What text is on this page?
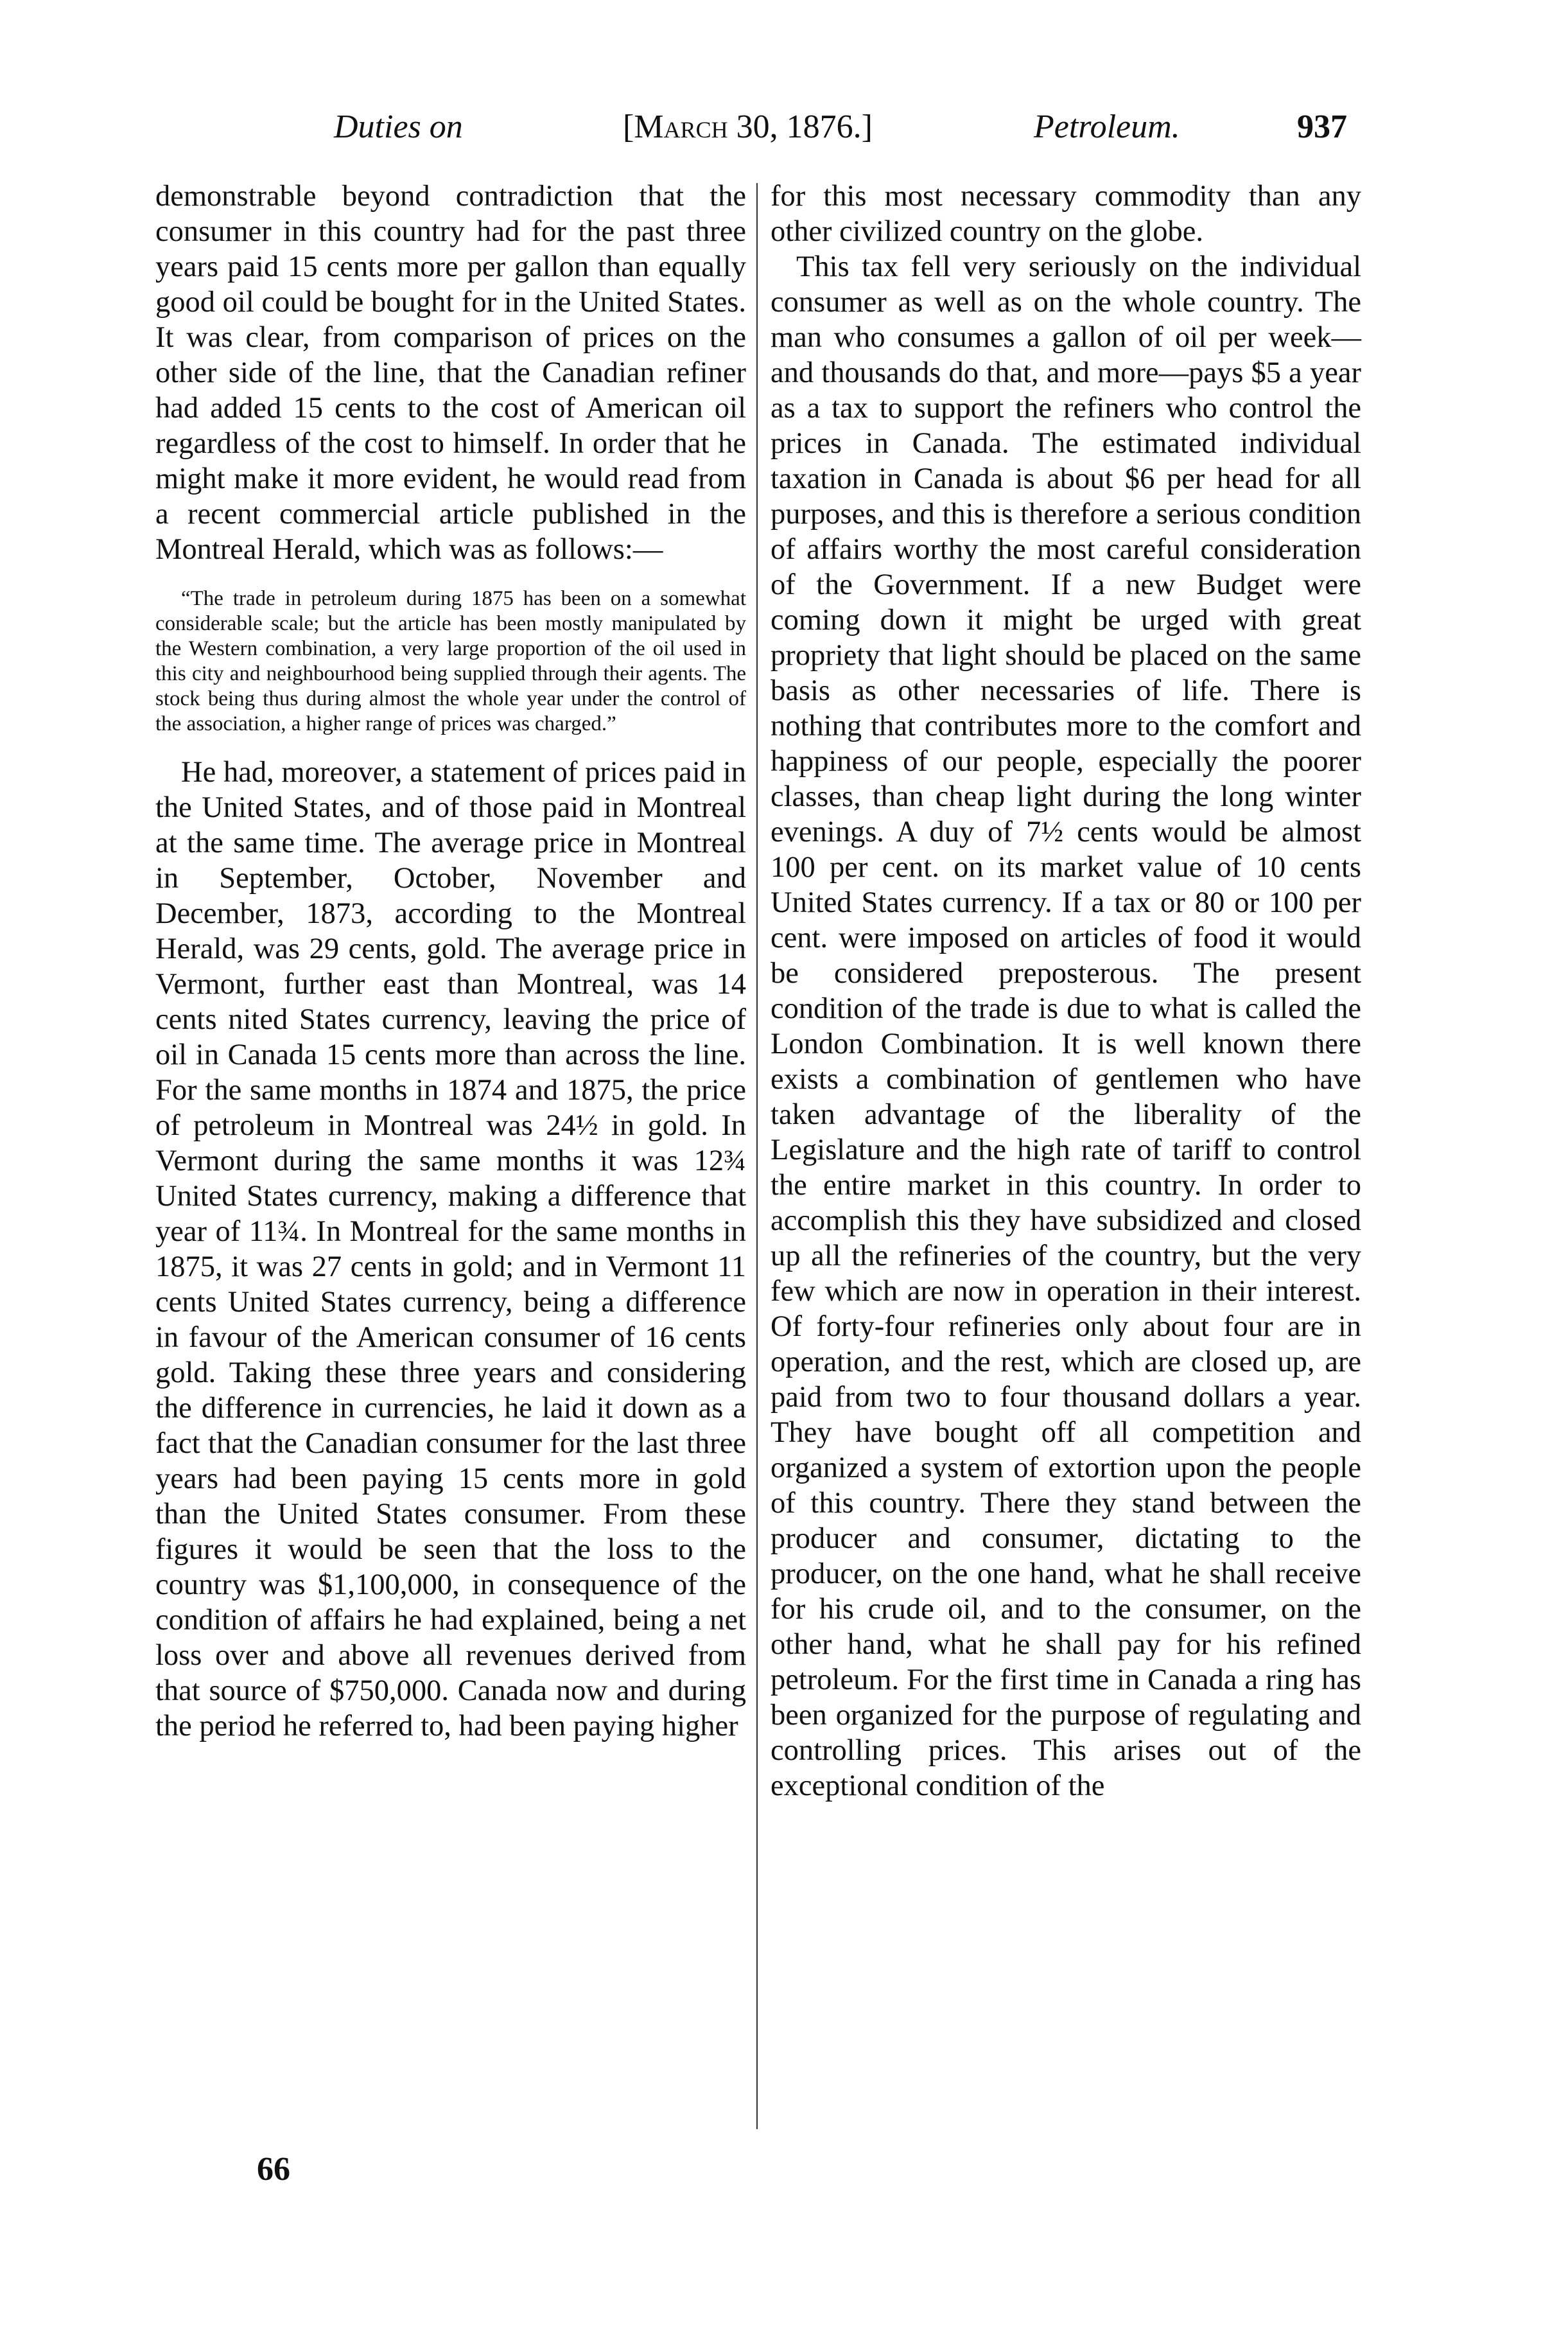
Duties on	[March 30, 1876.]	Petroleum.	937

demonstrable beyond contradiction that the consumer in this country had for the past three years paid 15 cents more per gallon than equally good oil could be bought for in the United States. It was clear, from comparison of prices on the other side of the line, that the Canadian refiner had added 15 cents to the cost of American oil regardless of the cost to himself. In order that he might make it more evident, he would read from a recent commercial article published in the Montreal Herald, which was as follows:—

“The trade in petroleum during 1875 has been on a somewhat considerable scale; but the article has been mostly manipulated by the Western combination, a very large proportion of the oil used in this city and neighbourhood being supplied through their agents. The stock being thus during almost the whole year under the control of the association, a higher range of prices was charged.”

He had, moreover, a statement of prices paid in the United States, and of those paid in Montreal at the same time. The average price in Montreal in September, October, November and December, 1873, according to the Montreal Herald, was 29 cents, gold. The average price in Vermont, further east than Montreal, was 14 cents nited States currency, leaving the price of oil in Canada 15 cents more than across the line. For the same months in 1874 and 1875, the price of petroleum in Montreal was 24½ in gold. In Vermont during the same months it was 12¾ United States currency, making a difference that year of 11¾. In Montreal for the same months in 1875, it was 27 cents in gold; and in Vermont 11 cents United States currency, being a difference in favour of the American consumer of 16 cents gold. Taking these three years and considering the difference in currencies, he laid it down as a fact that the Canadian consumer for the last three years had been paying 15 cents more in gold than the United States consumer. From these figures it would be seen that the loss to the country was $1,100,000, in consequence of the condition of affairs he had explained, being a net loss over and above all revenues derived from that source of $750,000. Canada now and during the period he referred to, had been paying higher

for this most necessary commodity than any other civilized country on the globe.

This tax fell very seriously on the individual consumer as well as on the whole country. The man who consumes a gallon of oil per week—and thousands do that, and more—pays $5 a year as a tax to support the refiners who control the prices in Canada. The estimated individual taxation in Canada is about $6 per head for all purposes, and this is therefore a serious condition of affairs worthy the most careful consideration of the Government. If a new Budget were coming down it might be urged with great propriety that light should be placed on the same basis as other necessaries of life. There is nothing that contributes more to the comfort and happiness of our people, especially the poorer classes, than cheap light during the long winter evenings. A duy of 7½ cents would be almost 100 per cent. on its market value of 10 cents United States currency. If a tax or 80 or 100 per cent. were imposed on articles of food it would be considered preposterous. The present condition of the trade is due to what is called the London Combination. It is well known there exists a combination of gentlemen who have taken advantage of the liberality of the Legislature and the high rate of tariff to control the entire market in this country. In order to accomplish this they have subsidized and closed up all the refineries of the country, but the very few which are now in operation in their interest. Of forty-four refineries only about four are in operation, and the rest, which are closed up, are paid from two to four thousand dollars a year. They have bought off all competition and organized a system of extortion upon the people of this country. There they stand between the producer and consumer, dictating to the producer, on the one hand, what he shall receive for his crude oil, and to the consumer, on the other hand, what he shall pay for his refined petroleum. For the first time in Canada a ring has been organized for the purpose of regulating and controlling prices. This arises out of the exceptional condition of the

66
